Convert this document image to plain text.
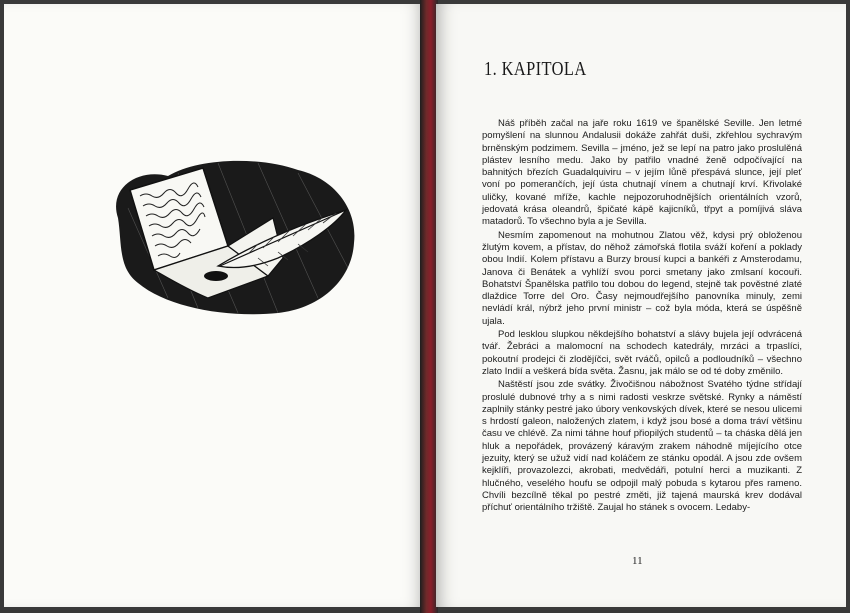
1. KAPITOLA

Náš příběh začal na jaře roku 1619 ve španělské Seville. Jen letmé pomyšlení na slunnou Andalusii dokáže zahřát duši, zkřehlou sychravým brněnským podzimem. Sevilla – jméno, jež se lepí na patro jako proslulěná plástev lesního medu. Jako by patřilo vnadné ženě odpočívající na bahnitých březích Guadalquiviru – v jejím lůně přespává slunce, její pleť voní po pomerančích, její ústa chutnají vínem a chutnají krví. Křivolaké uličky, kované mříže, kachle nejpozoruhodnějších orientálních vzorů, jedovatá krása oleandrů, špičaté kápě kajicníků, třpyt a pomíjivá sláva matadorů. To všechno byla a je Sevilla.

Nesmím zapomenout na mohutnou Zlatou věž, kdysi prý obloženou žlutým kovem, a přístav, do něhož zámořská flotila sváží koření a poklady obou Indií. Kolem přístavu a Burzy brousí kupci a bankéři z Amsterodamu, Janova či Benátek a vyhlíží svou porci smetany jako zmlsaní kocouři. Bohatství Španělska patřilo tou dobou do legend, stejně tak pověstné zlaté dlaždice Torre del Oro. Časy nejmoudřejšího panovníka minuly, zemi nevládí král, nýbrž jeho první ministr – což byla móda, která se úspěšně ujala.

Pod lesklou slupkou někdejšího bohatství a slávy bujela její odvrácená tvář. Žebráci a malomocní na schodech katedrály, mrzáci a trpaslíci, pokoutní prodejci či zlodějíčci, svět rváčů, opilců a podloudníků – všechno zlato Indií a veškerá bída světa. Žasnu, jak málo se od té doby změnilo.

Naštěstí jsou zde svátky. Živočišnou nábožnost Svatého týdne střídají proslulé dubnové trhy a s nimi radosti veskrze světské. Rynky a náměstí zaplnily stánky pestré jako úbory venkovských dívek, které se nesou ulicemi s hrdostí galeon, naložených zlatem, i když jsou bosé a doma tráví většinu času ve chlévě. Za nimi táhne houf přiopilých studentů – ta cháska dělá jen hluk a nepořádek, provázený káravým zrakem náhodně míjejícího otce jezuity, který se užuž vidí nad koláčem ze stánku opodál. A jsou zde ovšem kejklíři, provazolezci, akrobati, medvědáři, potulní herci a muzikanti. Z hlučného, veselého houfu se odpojil malý pobuda s kytarou přes rameno. Chvíli bezcílně těkal po pestré změti, již tajená maurská krev dodával příchuť orientálního tržiště. Zaujal ho stánek s ovocem. Ledaby-

11
